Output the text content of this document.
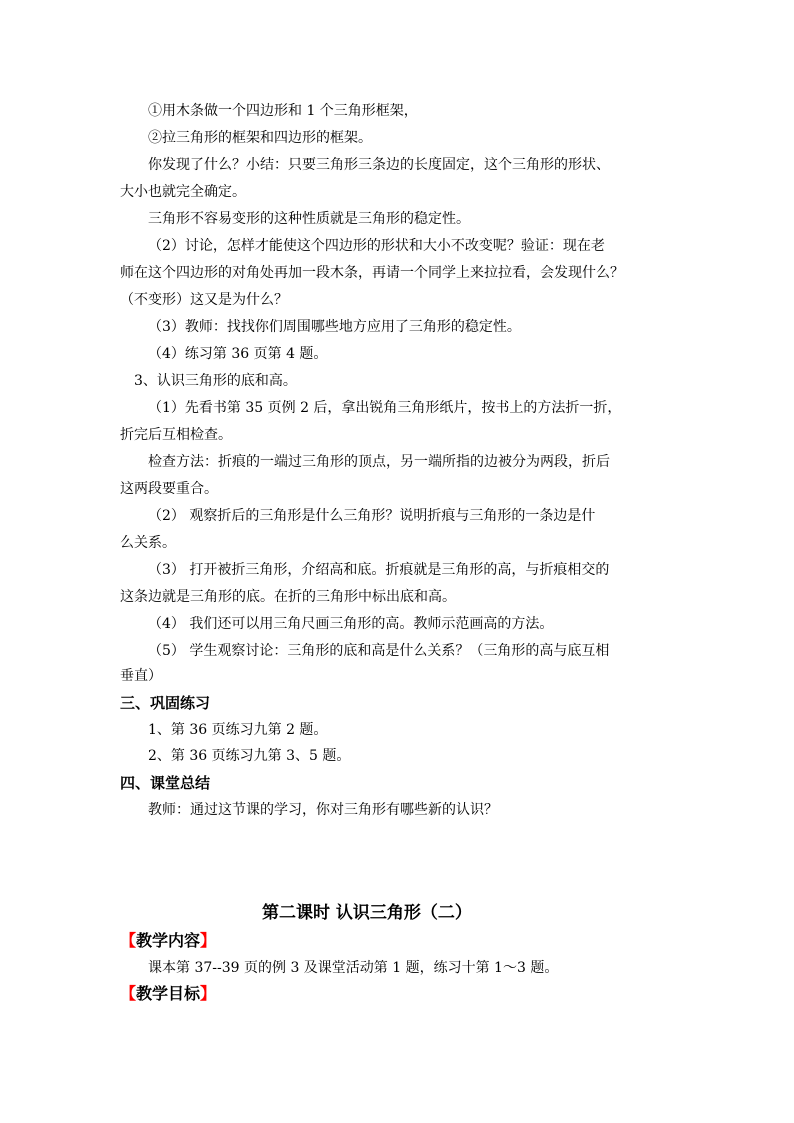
①用木条做一个四边形和 1 个三角形框架，
②拉三角形的框架和四边形的框架。
你发现了什么？小结：只要三角形三条边的长度固定，这个三角形的形状、
大小也就完全确定。
三角形不容易变形的这种性质就是三角形的稳定性。
（2）讨论，怎样才能使这个四边形的形状和大小不改变呢？验证：现在老
师在这个四边形的对角处再加一段木条，再请一个同学上来拉拉看，会发现什么？
（不变形）这又是为什么？
（3）教师：找找你们周围哪些地方应用了三角形的稳定性。
（4）练习第 36 页第 4 题。
3、认识三角形的底和高。
（1）先看书第 35 页例 2 后，拿出锐角三角形纸片，按书上的方法折一折，
折完后互相检查。
检查方法：折痕的一端过三角形的顶点，另一端所指的边被分为两段，折后
这两段要重合。
（2） 观察折后的三角形是什么三角形？说明折痕与三角形的一条边是什
么关系。
（3） 打开被折三角形，介绍高和底。折痕就是三角形的高，与折痕相交的
这条边就是三角形的底。在折的三角形中标出底和高。
（4） 我们还可以用三角尺画三角形的高。教师示范画高的方法。
（5） 学生观察讨论：三角形的底和高是什么关系？（三角形的高与底互相
垂直）
三、巩固练习
1、第 36 页练习九第 2 题。
2、第 36 页练习九第 3、5 题。
四、课堂总结
教师：通过这节课的学习，你对三角形有哪些新的认识？
第二课时 认识三角形（二）
【教学内容】
课本第 37--39 页的例 3 及课堂活动第 1 题，练习十第 1～3 题。
【教学目标】
